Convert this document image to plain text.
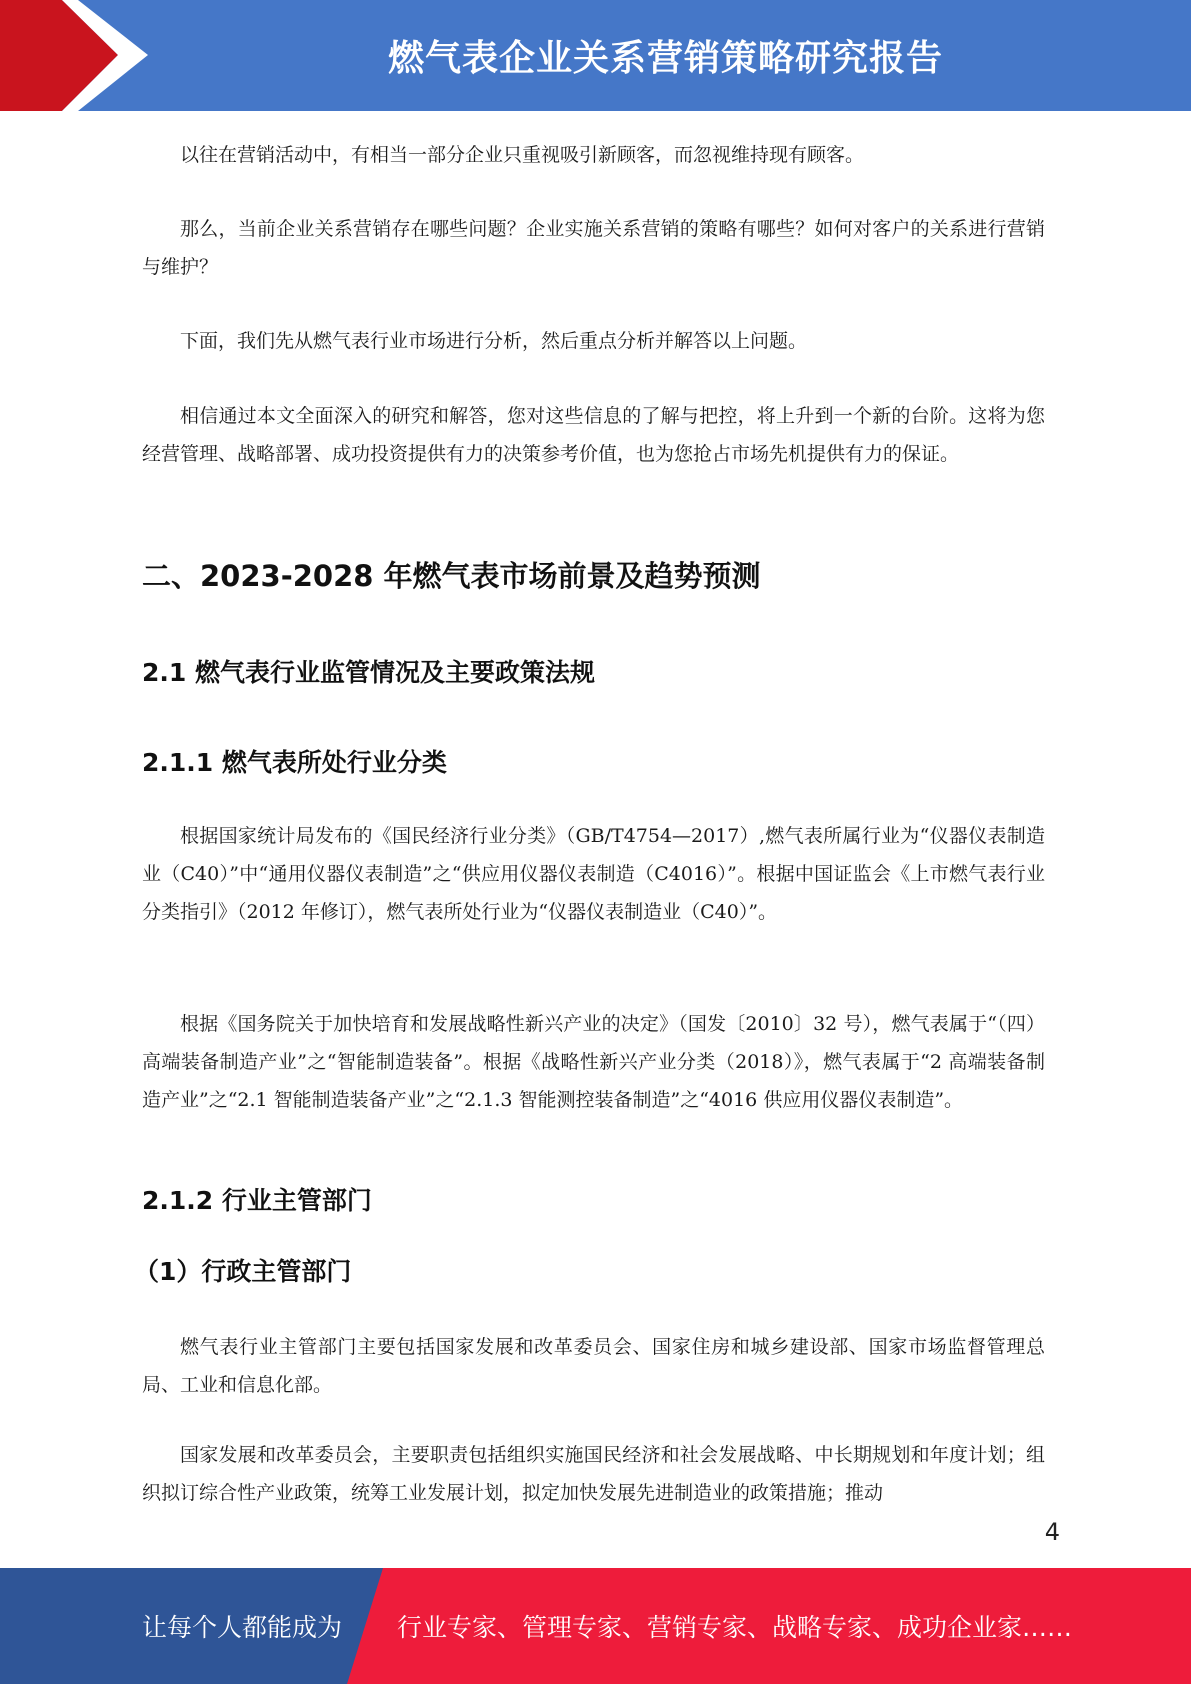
燃气表企业关系营销策略研究报告

以往在营销活动中，有相当一部分企业只重视吸引新顾客，而忽视维持现有顾客。

那么，当前企业关系营销存在哪些问题？企业实施关系营销的策略有哪些？如何对客户的关系进行营销与维护？

下面，我们先从燃气表行业市场进行分析，然后重点分析并解答以上问题。

相信通过本文全面深入的研究和解答，您对这些信息的了解与把控，将上升到一个新的台阶。这将为您经营管理、战略部署、成功投资提供有力的决策参考价值，也为您抢占市场先机提供有力的保证。

二、2023-2028 年燃气表市场前景及趋势预测
2.1 燃气表行业监管情况及主要政策法规
2.1.1 燃气表所处行业分类

根据国家统计局发布的《国民经济行业分类》（GB/T4754—2017）,燃气表所属行业为“仪器仪表制造业（C40）”中“通用仪器仪表制造”之“供应用仪器仪表制造（C4016）”。根据中国证监会《上市燃气表行业分类指引》（2012 年修订），燃气表所处行业为“仪器仪表制造业（C40）”。

根据《国务院关于加快培育和发展战略性新兴产业的决定》（国发〔2010〕32 号），燃气表属于“（四）高端装备制造产业”之“智能制造装备”。根据《战略性新兴产业分类（2018）》，燃气表属于“2 高端装备制造产业”之“2.1 智能制造装备产业”之“2.1.3 智能测控装备制造”之“4016 供应用仪器仪表制造”。

2.1.2 行业主管部门
（1）行政主管部门

燃气表行业主管部门主要包括国家发展和改革委员会、国家住房和城乡建设部、国家市场监督管理总局、工业和信息化部。

国家发展和改革委员会，主要职责包括组织实施国民经济和社会发展战略、中长期规划和年度计划；组织拟订综合性产业政策，统筹工业发展计划，拟定加快发展先进制造业的政策措施；推动

4
让每个人都能成为 行业专家、管理专家、营销专家、战略专家、成功企业家……
